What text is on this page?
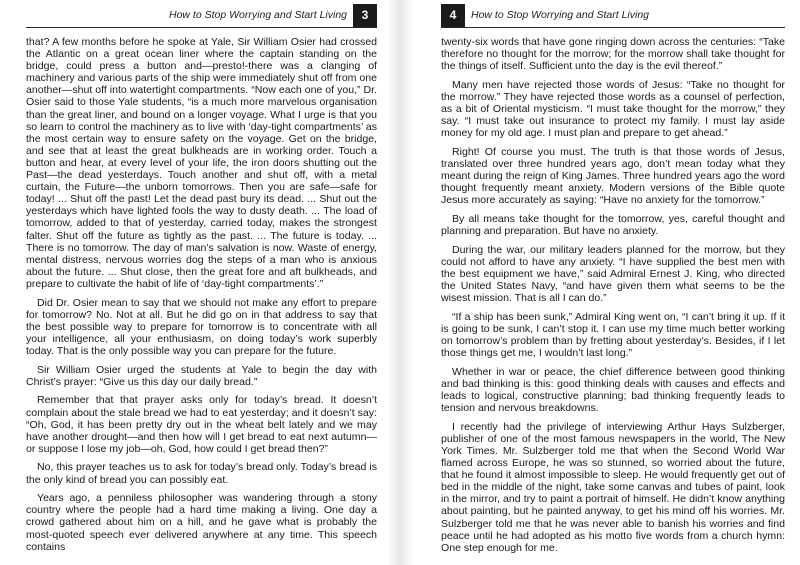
How to Stop Worrying and Start Living	3

that? A few months before he spoke at Yale, Sir William Osier had crossed the Atlantic on a great ocean liner where the captain standing on the bridge, could press a button and—presto!-there was a clanging of machinery and various parts of the ship were immediately shut off from one another—shut off into watertight compartments. “Now each one of you,” Dr. Osier said to those Yale students, “is a much more marvelous organisation than the great liner, and bound on a longer voyage. What I urge is that you so learn to control the machinery as to live with ‘day-tight compartments’ as the most certain way to ensure safety on the voyage. Get on the bridge, and see that at least the great bulkheads are in working order. Touch a button and hear, at every level of your life, the iron doors shutting out the Past—the dead yesterdays. Touch another and shut off, with a metal curtain, the Future—the unborn tomorrows. Then you are safe—safe for today! ... Shut off the past! Let the dead past bury its dead. ... Shut out the yesterdays which have lighted fools the way to dusty death. ... The load of tomorrow, added to that of yesterday, carried today, makes the strongest falter. Shut off the future as tightly as the past. ... The future is today. ... There is no tomorrow. The day of man’s salvation is now. Waste of energy, mental distress, nervous worries dog the steps of a man who is anxious about the future. ... Shut close, then the great fore and aft bulkheads, and prepare to cultivate the habit of life of ‘day-tight compartments’.”

Did Dr. Osier mean to say that we should not make any effort to prepare for tomorrow? No. Not at all. But he did go on in that address to say that the best possible way to prepare for tomorrow is to concentrate with all your intelligence, all your enthusiasm, on doing today’s work superbly today. That is the only possible way you can prepare for the future.

Sir William Osier urged the students at Yale to begin the day with Christ’s prayer: “Give us this day our daily bread.”

Remember that that prayer asks only for today’s bread. It doesn’t complain about the stale bread we had to eat yesterday; and it doesn’t say: “Oh, God, it has been pretty dry out in the wheat belt lately and we may have another drought—and then how will I get bread to eat next autumn—or suppose I lose my job—oh, God, how could I get bread then?”

No, this prayer teaches us to ask for today’s bread only. Today’s bread is the only kind of bread you can possibly eat.

Years ago, a penniless philosopher was wandering through a stony country where the people had a hard time making a living. One day a crowd gathered about him on a hill, and he gave what is probably the most-quoted speech ever delivered anywhere at any time. This speech contains

4	How to Stop Worrying and Start Living

twenty-six words that have gone ringing down across the centuries: “Take therefore no thought for the morrow; for the morrow shall take thought for the things of itself. Sufficient unto the day is the evil thereof.”

Many men have rejected those words of Jesus: “Take no thought for the morrow.” They have rejected those words as a counsel of perfection, as a bit of Oriental mysticism. “I must take thought for the morrow,” they say. “I must take out insurance to protect my family. I must lay aside money for my old age. I must plan and prepare to get ahead.”

Right! Of course you must. The truth is that those words of Jesus, translated over three hundred years ago, don’t mean today what they meant during the reign of King James. Three hundred years ago the word thought frequently meant anxiety. Modern versions of the Bible quote Jesus more accurately as saying: “Have no anxiety for the tomorrow.”

By all means take thought for the tomorrow, yes, careful thought and planning and preparation. But have no anxiety.

During the war, our military leaders planned for the morrow, but they could not afford to have any anxiety. “I have supplied the best men with the best equipment we have,” said Admiral Ernest J. King, who directed the United States Navy, “and have given them what seems to be the wisest mission. That is all I can do.”

“If a ship has been sunk,” Admiral King went on, “I can’t bring it up. If it is going to be sunk, I can’t stop it. I can use my time much better working on tomorrow’s problem than by fretting about yesterday’s. Besides, if I let those things get me, I wouldn’t last long.”

Whether in war or peace, the chief difference between good thinking and bad thinking is this: good thinking deals with causes and effects and leads to logical, constructive planning; bad thinking frequently leads to tension and nervous breakdowns.

I recently had the privilege of interviewing Arthur Hays Sulzberger, publisher of one of the most famous newspapers in the world, The New York Times. Mr. Sulzberger told me that when the Second World War flamed across Europe, he was so stunned, so worried about the future, that he found it almost impossible to sleep. He would frequently get out of bed in the middle of the night, take some canvas and tubes of paint, look in the mirror, and try to paint a portrait of himself. He didn’t know anything about painting, but he painted anyway, to get his mind off his worries. Mr. Sulzberger told me that he was never able to banish his worries and find peace until he had adopted as his motto five words from a church hymn: One step enough for me.
